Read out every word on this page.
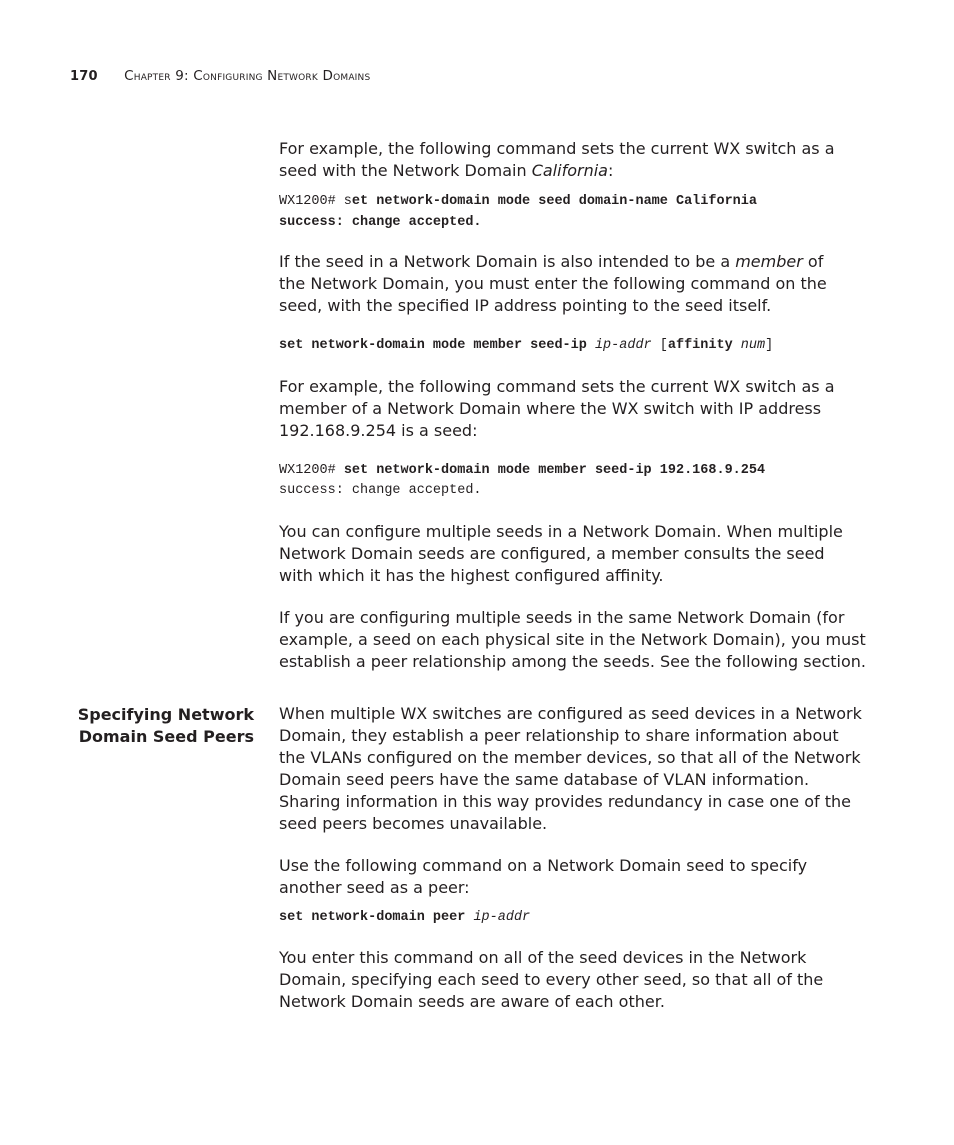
170 Chapter 9: Configuring Network Domains
Specifying Network
Domain Seed Peers

For example, the following command sets the current WX switch as a seed with the Network Domain California:

WX1200# set network-domain mode seed domain-name California
success: change accepted.

If the seed in a Network Domain is also intended to be a member of the Network Domain, you must enter the following command on the seed, with the specified IP address pointing to the seed itself.

set network-domain mode member seed-ip ip-addr [affinity num]

For example, the following command sets the current WX switch as a member of a Network Domain where the WX switch with IP address 192.168.9.254 is a seed:

WX1200# set network-domain mode member seed-ip 192.168.9.254
success: change accepted.

You can configure multiple seeds in a Network Domain. When multiple Network Domain seeds are configured, a member consults the seed with which it has the highest configured affinity.

If you are configuring multiple seeds in the same Network Domain (for example, a seed on each physical site in the Network Domain), you must establish a peer relationship among the seeds. See the following section.

When multiple WX switches are configured as seed devices in a Network Domain, they establish a peer relationship to share information about the VLANs configured on the member devices, so that all of the Network Domain seed peers have the same database of VLAN information. Sharing information in this way provides redundancy in case one of the seed peers becomes unavailable.

Use the following command on a Network Domain seed to specify another seed as a peer:

set network-domain peer ip-addr

You enter this command on all of the seed devices in the Network Domain, specifying each seed to every other seed, so that all of the Network Domain seeds are aware of each other.
